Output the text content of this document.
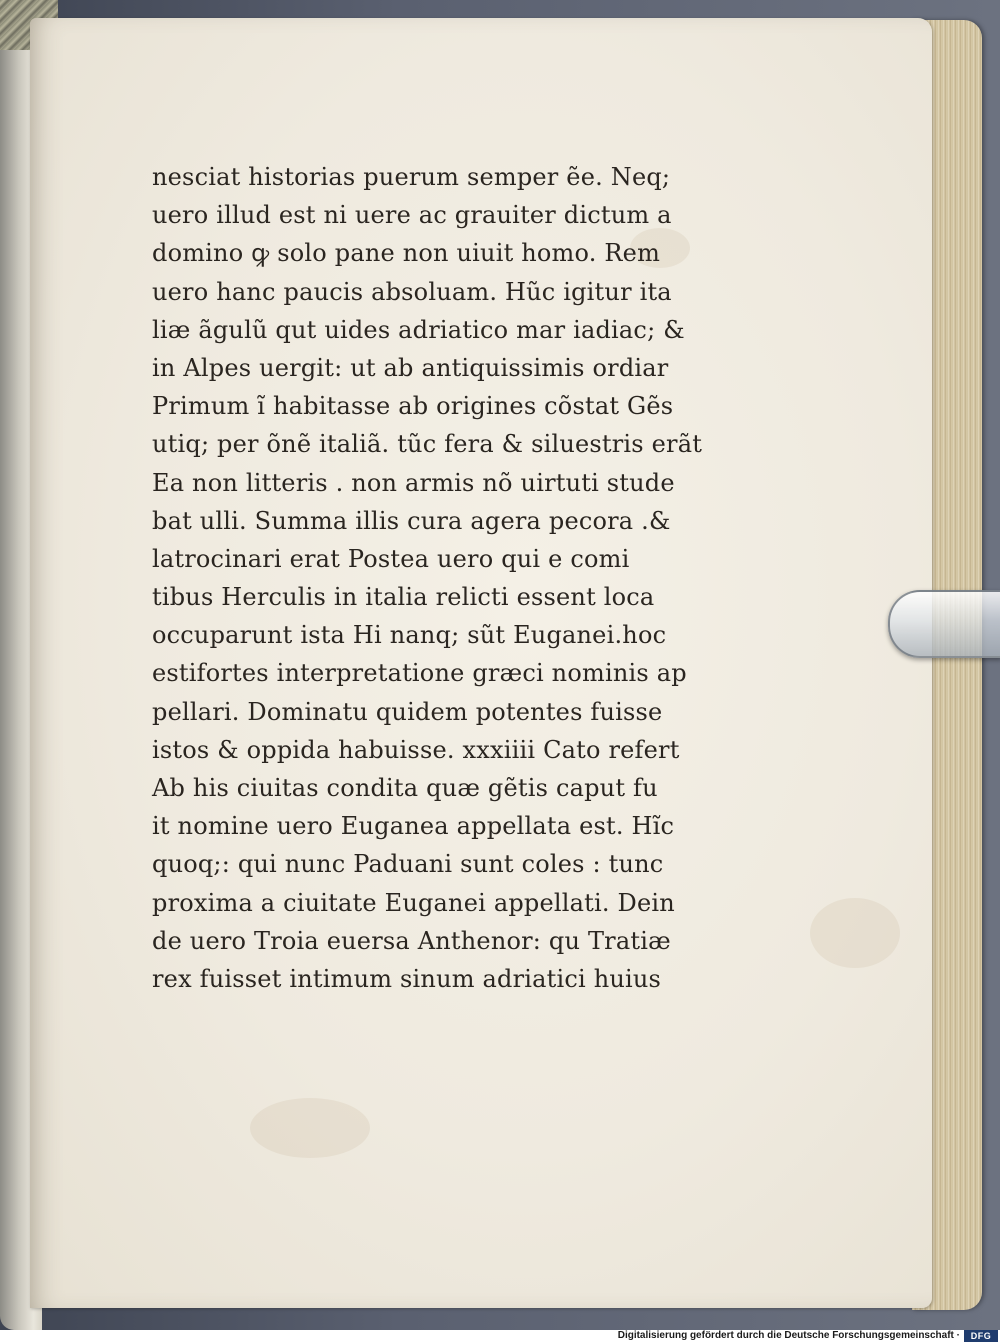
nesciat historias puerum semper ẽe. Neq;
uero illud est ni uere ac grauiter dictum a
domino ꝙ solo pane non uiuit homo. Rem
uero hanc paucis absoluam. Hũc igitur ita
liæ ãgulũ qut uides adriatico mar iadiac; &
in Alpes uergit: ut ab antiquissimis ordiar
Primum ĩ habitasse ab origines cõstat Gẽs
utiq; per õnẽ italiã. tũc fera & siluestris erãt
Ea non litteris . non armis nõ uirtuti stude
bat ulli. Summa illis cura agera pecora .&
latrocinari erat Postea uero qui e comi
tibus Herculis in italia relicti essent loca
occuparunt ista Hi nanq; sũt Euganei.hoc
estifortes interpretatione græci nominis ap
pellari. Dominatu quidem potentes fuisse
istos & oppida habuisse. xxxiiii Cato refert
Ab his ciuitas condita quæ gẽtis caput fu
it nomine uero Euganea appellata est. Hĩc
quoq;: qui nunc Paduani sunt coles : tunc
proxima a ciuitate Euganei appellati. Dein
de uero Troia euersa Anthenor: qu Tratiæ
rex fuisset intimum sinum adriatici huius
Digitalisierung gefördert durch die Deutsche Forschungsgemeinschaft ·	DFG
